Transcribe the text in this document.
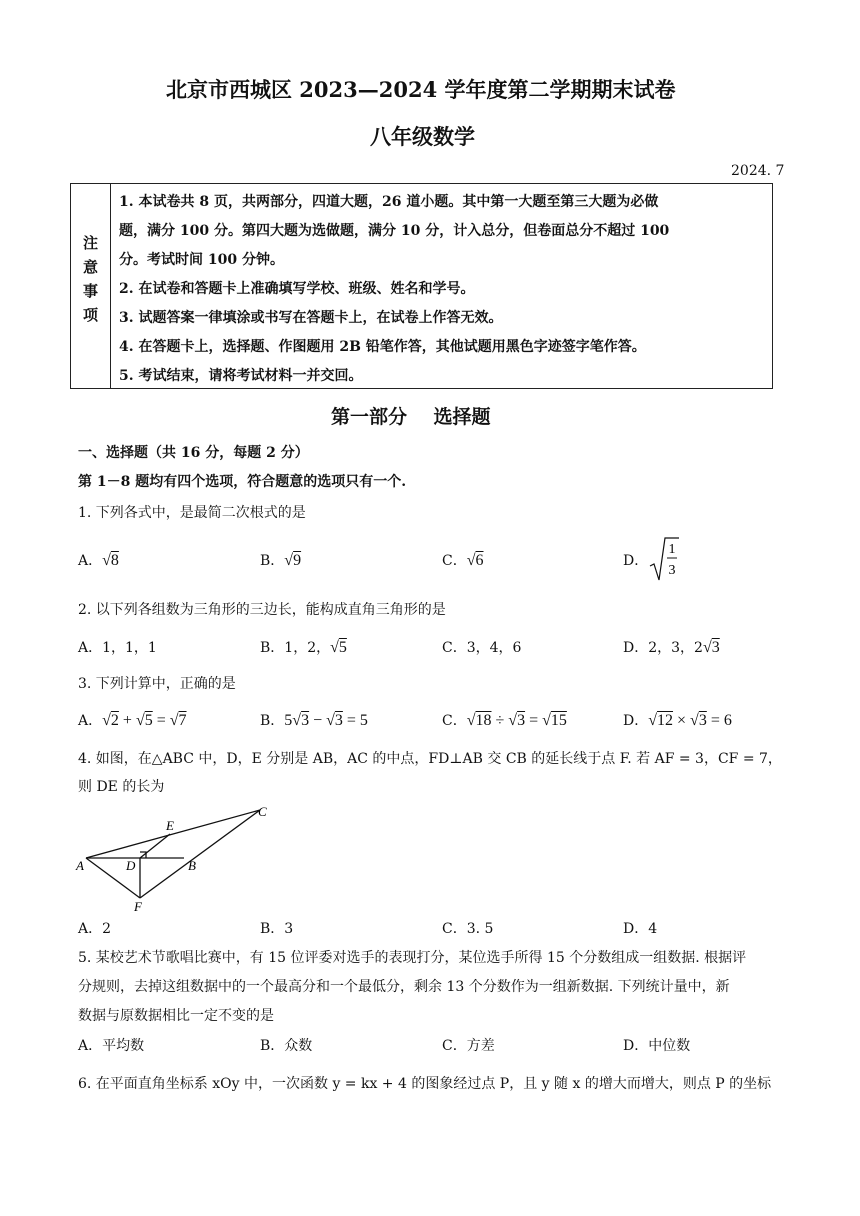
北京市西城区 2023—2024 学年度第二学期期末试卷
八年级数学
2024. 7
注
意
事
项
1. 本试卷共 8 页，共两部分，四道大题，26 道小题。其中第一大题至第三大题为必做
题，满分 100 分。第四大题为选做题，满分 10 分，计入总分，但卷面总分不超过 100
分。考试时间 100 分钟。
2. 在试卷和答题卡上准确填写学校、班级、姓名和学号。
3. 试题答案一律填涂或书写在答题卡上，在试卷上作答无效。
4. 在答题卡上，选择题、作图题用 2B 铅笔作答，其他试题用黑色字迹签字笔作答。
5. 考试结束，请将考试材料一并交回。
第一部分    选择题
一、选择题（共 16 分，每题 2 分）
第 1－8 题均有四个选项，符合题意的选项只有一个.
1. 下列各式中，是最简二次根式的是
A．√8	B．√9	C．√6	D．
1
3
2. 以下列各组数为三角形的三边长，能构成直角三角形的是
A．1，1，1	B．1，2，√5	C．3，4，6	D．2，3，2√3
3. 下列计算中，正确的是
A．√2 + √5 = √7	B．5√3 − √3 = 5	C．√18 ÷ √3 = √15	D．√12 × √3 = 6
4. 如图，在△ABC 中，D，E 分别是 AB，AC 的中点，FD⊥AB 交 CB 的延长线于点 F. 若 AF = 3，CF = 7，
则 DE 的长为
A	B
C
D
E
F
A．2	B．3	C．3. 5	D．4
5. 某校艺术节歌唱比赛中，有 15 位评委对选手的表现打分，某位选手所得 15 个分数组成一组数据. 根据评
分规则，去掉这组数据中的一个最高分和一个最低分，剩余 13 个分数作为一组新数据. 下列统计量中，新
数据与原数据相比一定不变的是
A．平均数	B．众数	C．方差	D．中位数
6. 在平面直角坐标系 xOy 中，一次函数 y = kx + 4 的图象经过点 P，且 y 随 x 的增大而增大，则点 P 的坐标
